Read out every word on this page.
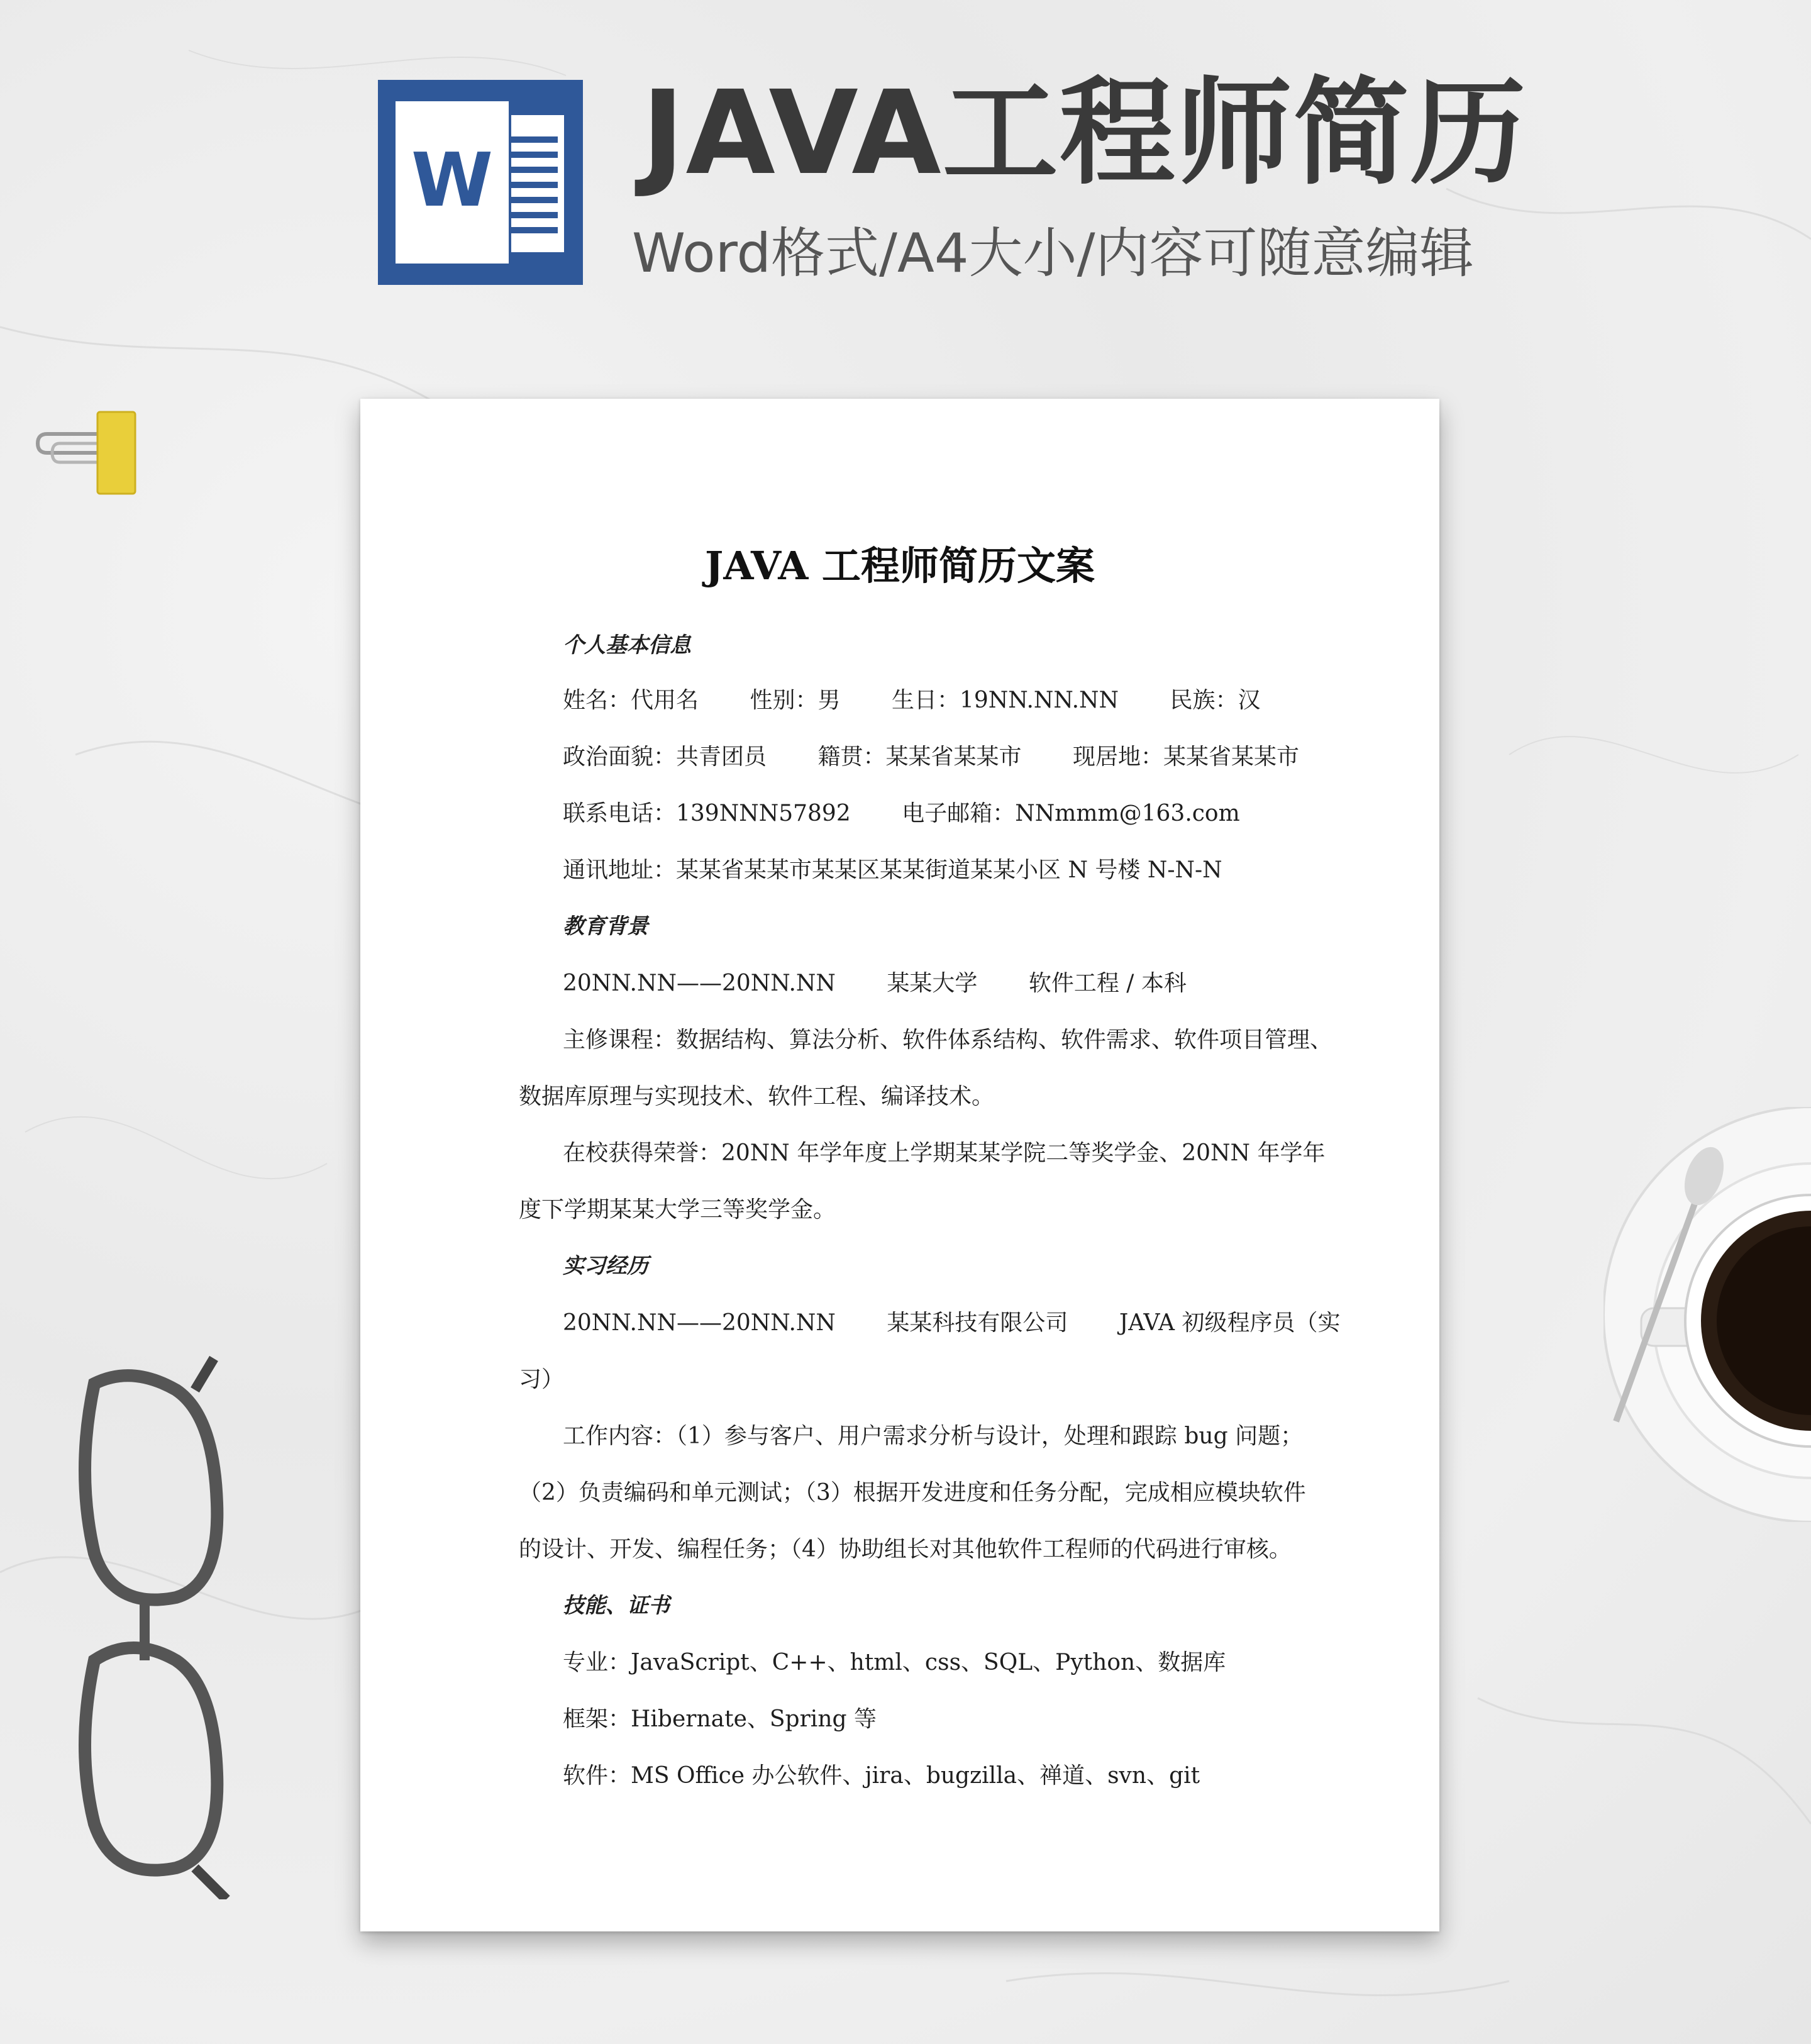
W JAVA工程师简历
Word格式/A4大小/内容可随意编辑
JAVA 工程师简历文案
个人基本信息
姓名：代用名 性别：男 生日：19NN.NN.NN 民族：汉
政治面貌：共青团员 籍贯：某某省某某市 现居地：某某省某某市
联系电话：139NNN57892 电子邮箱：NNmmm@163.com
通讯地址：某某省某某市某某区某某街道某某小区 N 号楼 N-N-N
教育背景
20NN.NN——20NN.NN 某某大学 软件工程 / 本科
主修课程：数据结构、算法分析、软件体系结构、软件需求、软件项目管理、
数据库原理与实现技术、软件工程、编译技术。
在校获得荣誉：20NN 年学年度上学期某某学院二等奖学金、20NN 年学年
度下学期某某大学三等奖学金。
实习经历
20NN.NN——20NN.NN 某某科技有限公司 JAVA 初级程序员（实
习）
工作内容：（1）参与客户、用户需求分析与设计，处理和跟踪 bug 问题；
（2）负责编码和单元测试；（3）根据开发进度和任务分配，完成相应模块软件
的设计、开发、编程任务；（4）协助组长对其他软件工程师的代码进行审核。
技能、证书
专业：JavaScript、C++、html、css、SQL、Python、数据库
框架：Hibernate、Spring 等
软件：MS Office 办公软件、jira、bugzilla、禅道、svn、git
